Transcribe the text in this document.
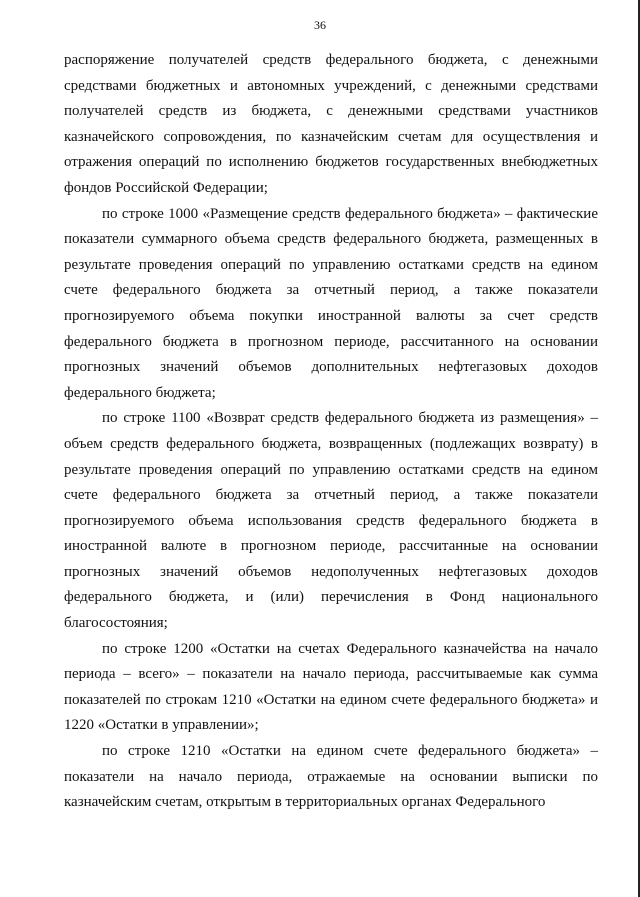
36

распоряжение получателей средств федерального бюджета, с денежными средствами бюджетных и автономных учреждений, с денежными средствами получателей средств из бюджета, с денежными средствами участников казначейского сопровождения, по казначейским счетам для осуществления и отражения операций по исполнению бюджетов государственных внебюджетных фондов Российской Федерации;

по строке 1000 «Размещение средств федерального бюджета» – фактические показатели суммарного объема средств федерального бюджета, размещенных в результате проведения операций по управлению остатками средств на едином счете федерального бюджета за отчетный период, а также показатели прогнозируемого объема покупки иностранной валюты за счет средств федерального бюджета в прогнозном периоде, рассчитанного на основании прогнозных значений объемов дополнительных нефтегазовых доходов федерального бюджета;

по строке 1100 «Возврат средств федерального бюджета из размещения» – объем средств федерального бюджета, возвращенных (подлежащих возврату) в результате проведения операций по управлению остатками средств на едином счете федерального бюджета за отчетный период, а также показатели прогнозируемого объема использования средств федерального бюджета в иностранной валюте в прогнозном периоде, рассчитанные на основании прогнозных значений объемов недополученных нефтегазовых доходов федерального бюджета, и (или) перечисления в Фонд национального благосостояния;

по строке 1200 «Остатки на счетах Федерального казначейства на начало периода – всего» – показатели на начало периода, рассчитываемые как сумма показателей по строкам 1210 «Остатки на едином счете федерального бюджета» и 1220 «Остатки в управлении»;

по строке 1210 «Остатки на едином счете федерального бюджета» – показатели на начало периода, отражаемые на основании выписки по казначейским счетам, открытым в территориальных органах Федерального
